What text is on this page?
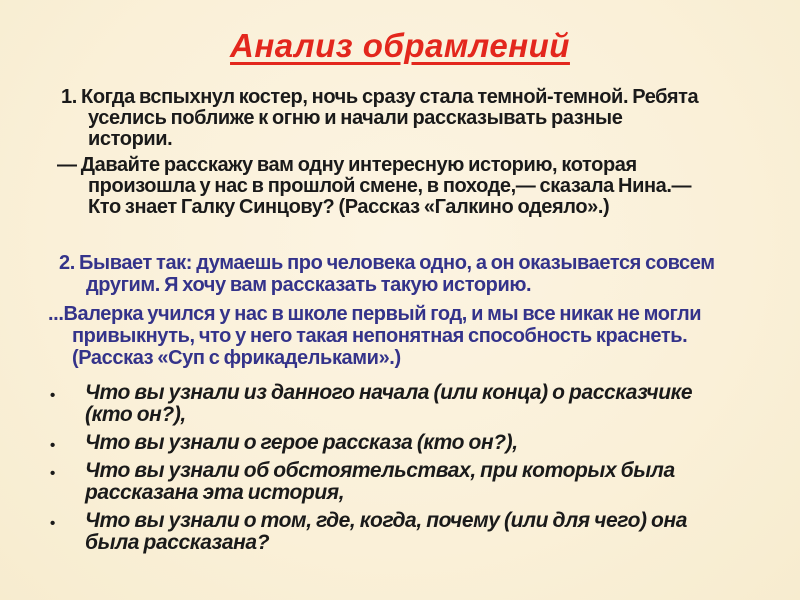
Анализ обрамлений

1. Когда вспыхнул костер, ночь сразу стала темной-темной. Ребята уселись поближе к огню и начали рассказывать разные истории.

— Давайте расскажу вам одну интересную историю, которая произошла у нас в прошлой смене, в походе,— сказала Нина.— Кто знает Галку Синцову? (Рассказ «Галкино одеяло».)

2. Бывает так: думаешь про человека одно, а он оказывается совсем другим. Я хочу вам рассказать такую историю.

...Валерка учился у нас в школе первый год, и мы все никак не могли привыкнуть, что у него такая непонятная способность краснеть. (Рассказ «Суп с фрикадельками».)

• Что вы узнали из данного начала (или конца) о рассказчике (кто он?),
• Что вы узнали о герое рассказа (кто он?),
• Что вы узнали об обстоятельствах, при которых была рассказана эта история,
• Что вы узнали о том, где, когда, почему (или для чего) она была рассказана?
